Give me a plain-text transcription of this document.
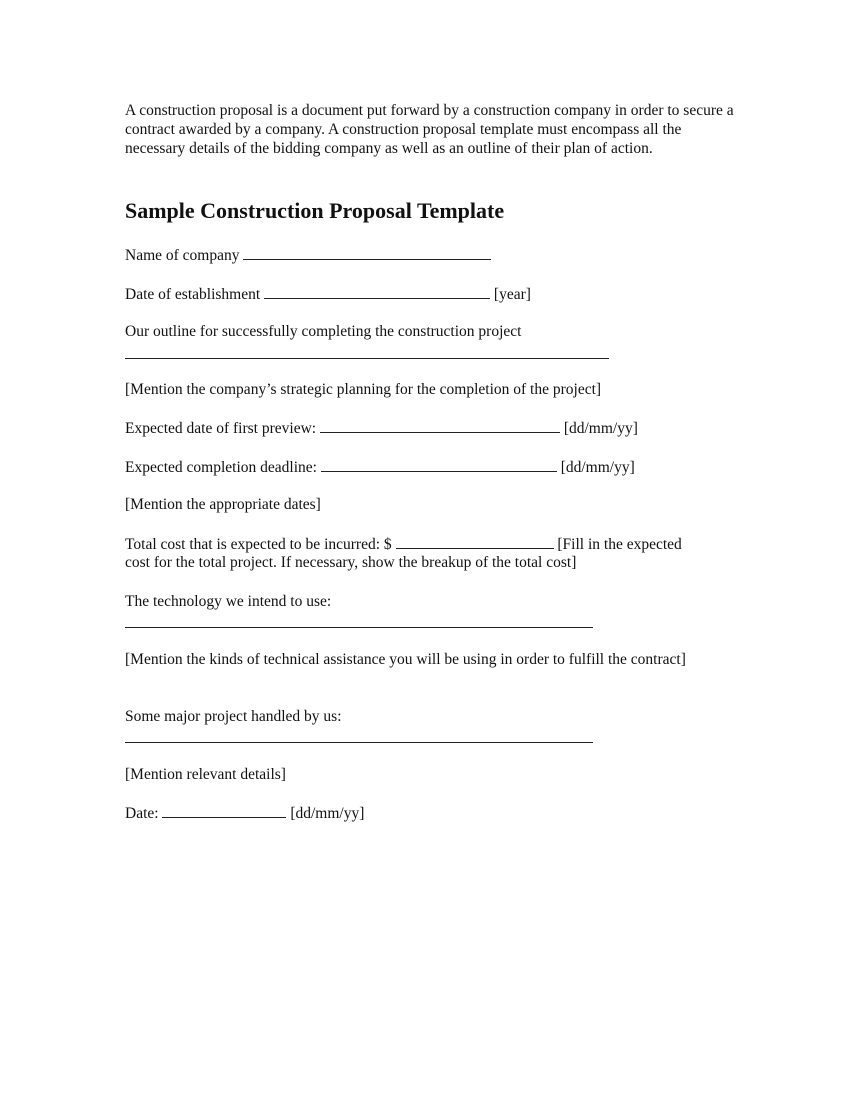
A construction proposal is a document put forward by a construction company in order to secure a contract awarded by a company. A construction proposal template must encompass all the necessary details of the bidding company as well as an outline of their plan of action.
Sample Construction Proposal Template
Name of company
Date of establishment	[year]
Our outline for successfully completing the construction project
[Mention the company’s strategic planning for the completion of the project]
Expected date of first preview:	[dd/mm/yy]
Expected completion deadline:	[dd/mm/yy]
[Mention the appropriate dates]
Total cost that is expected to be incurred: $	[Fill in the expected
cost for the total project. If necessary, show the breakup of the total cost]
The technology we intend to use:
[Mention the kinds of technical assistance you will be using in order to fulfill the contract]
Some major project handled by us:
[Mention relevant details]
Date:	[dd/mm/yy]
